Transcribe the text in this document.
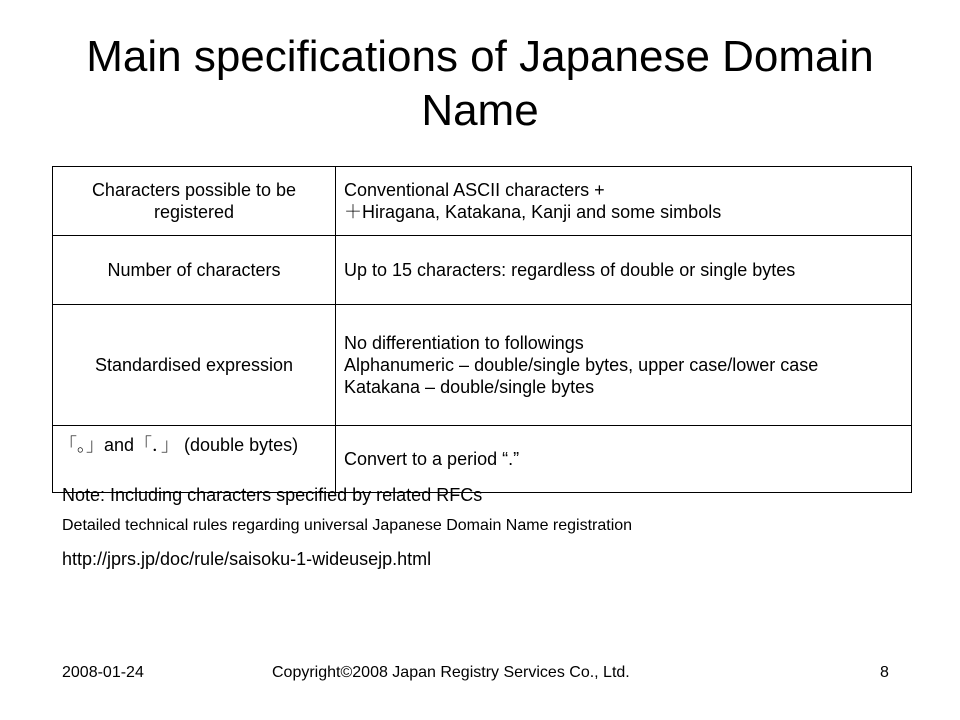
Main specifications of Japanese Domain Name
Characters possible to be registered	Conventional ASCII characters +
＋Hiragana, Katakana, Kanji and some simbols

Number of characters	Up to 15 characters: regardless of double or single bytes

Standardised expression	No differentiation to followings
Alphanumeric – double/single bytes, upper case/lower case
Katakana – double/single bytes

「。」and「．」 (double bytes)	Convert to a period “.”
Note: Including characters specified by related RFCs
Detailed technical rules regarding universal Japanese Domain Name registration
http://jprs.jp/doc/rule/saisoku-1-wideusejp.html
2008-01-24	Copyright©2008 Japan Registry Services Co., Ltd.	8
